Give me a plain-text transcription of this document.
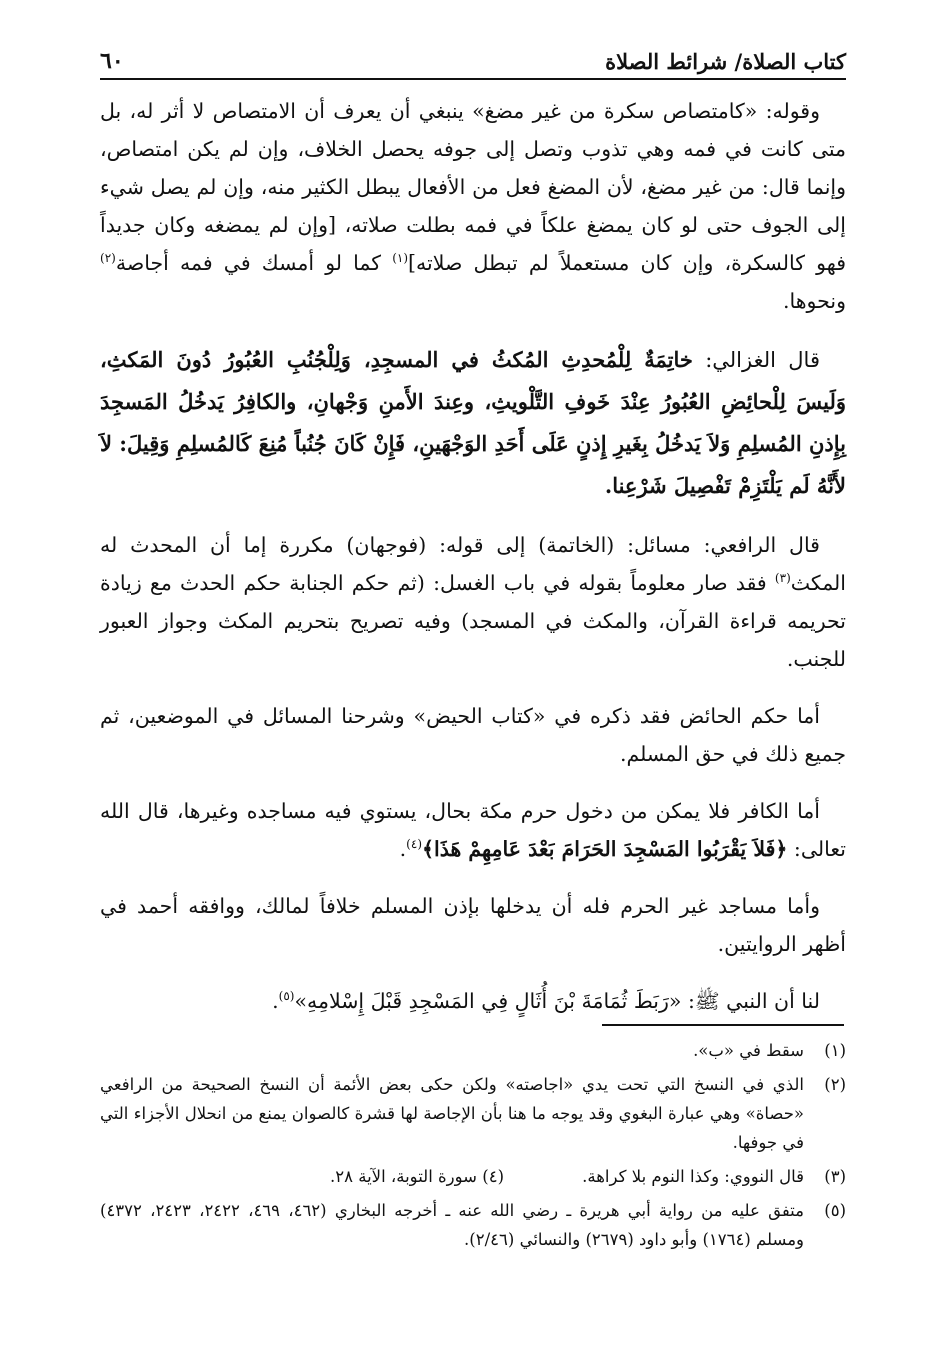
كتاب الصلاة/ شرائط الصلاة
٦٠

وقوله: «كامتصاص سكرة من غير مضغ» ينبغي أن يعرف أن الامتصاص لا أثر له، بل متى كانت في فمه وهي تذوب وتصل إلى جوفه يحصل الخلاف، وإن لم يكن امتصاص، وإنما قال: من غير مضغ، لأن المضغ فعل من الأفعال يبطل الكثير منه، وإن لم يصل شيء إلى الجوف حتى لو كان يمضغ علكاً في فمه بطلت صلاته، [وإن لم يمضغه وكان جديداً فهو كالسكرة، وإن كان مستعملاً لم تبطل صلاته]$^{(١)}$ كما لو أمسك في فمه أجاصة$^{(٢)}$ ونحوها.

قال الغزالي: خاتِمَةٌ لِلْمُحدِثِ المُكثُ في المسجِدِ، وَلِلْجُنُبِ العُبُورُ دُونَ المَكثِ، وَلَيسَ لِلْحائِضِ العُبُورُ عِنْدَ خَوفِ التَّلْويثِ، وعِندَ الأَمنِ وَجْهانِ، والكافِرُ يَدخُلُ المَسجِدَ بِإِذنِ المُسلِمِ وَلاَ يَدخُلُ بِغَيرِ إِذنٍ عَلَى أَحَدِ الوَجْهَينِ، فَإِنْ كَانَ جُنُباً مُنِعَ كَالمُسلِمِ وَقِيلَ: لاَ لأَنَّهُ لَم يَلْتَزِمْ تَفْصِيلَ شَرْعِنا.

قال الرافعي: مسائل: (الخاتمة) إلى قوله: (فوجهان) مكررة إما أن المحدث له المكث$^{(٣)}$ فقد صار معلوماً بقوله في باب الغسل: (ثم حكم الجنابة حكم الحدث مع زيادة تحريمه قراءة القرآن، والمكث في المسجد) وفيه تصريح بتحريم المكث وجواز العبور للجنب.

أما حكم الحائض فقد ذكره في «كتاب الحيض» وشرحنا المسائل في الموضعين، ثم جميع ذلك في حق المسلم.

أما الكافر فلا يمكن من دخول حرم مكة بحال، يستوي فيه مساجده وغيرها، قال الله تعالى: ﴿فَلاَ يَقْرَبُوا المَسْجِدَ الحَرَامَ بَعْدَ عَامِهِمْ هَذَا﴾$^{(٤)}$.

وأما مساجد غير الحرم فله أن يدخلها بإذن المسلم خلافاً لمالك، ووافقه أحمد في أظهر الروايتين.

لنا أن النبي ﷺ: «رَبَطَ ثُمَامَةَ بْنَ أُثَالٍ فِي المَسْجِدِ قَبْلَ إِسْلامِهِ»$^{(٥)}$.

(١)
سقط في «ب».
(٢)
الذي في النسخ التي تحت يدي «اجاصته» ولكن حكى بعض الأئمة أن النسخ الصحيحة من الرافعي «حصاة» وهي عبارة البغوي وقد يوجه ما هنا بأن الإجاصة لها قشرة كالصوان يمنع من انحلال الأجزاء التي في جوفها.
(٣)
قال النووي: وكذا النوم بلا كراهة.
(٤) سورة التوبة، الآية ٢٨.
(٥)
متفق عليه من رواية أبي هريرة ـ رضي الله عنه ـ أخرجه البخاري (٤٦٢، ٤٦٩، ٢٤٢٢، ٢٤٢٣، ٤٣٧٢) ومسلم (١٧٦٤) وأبو داود (٢٦٧٩) والنسائي (٢/٤٦).
